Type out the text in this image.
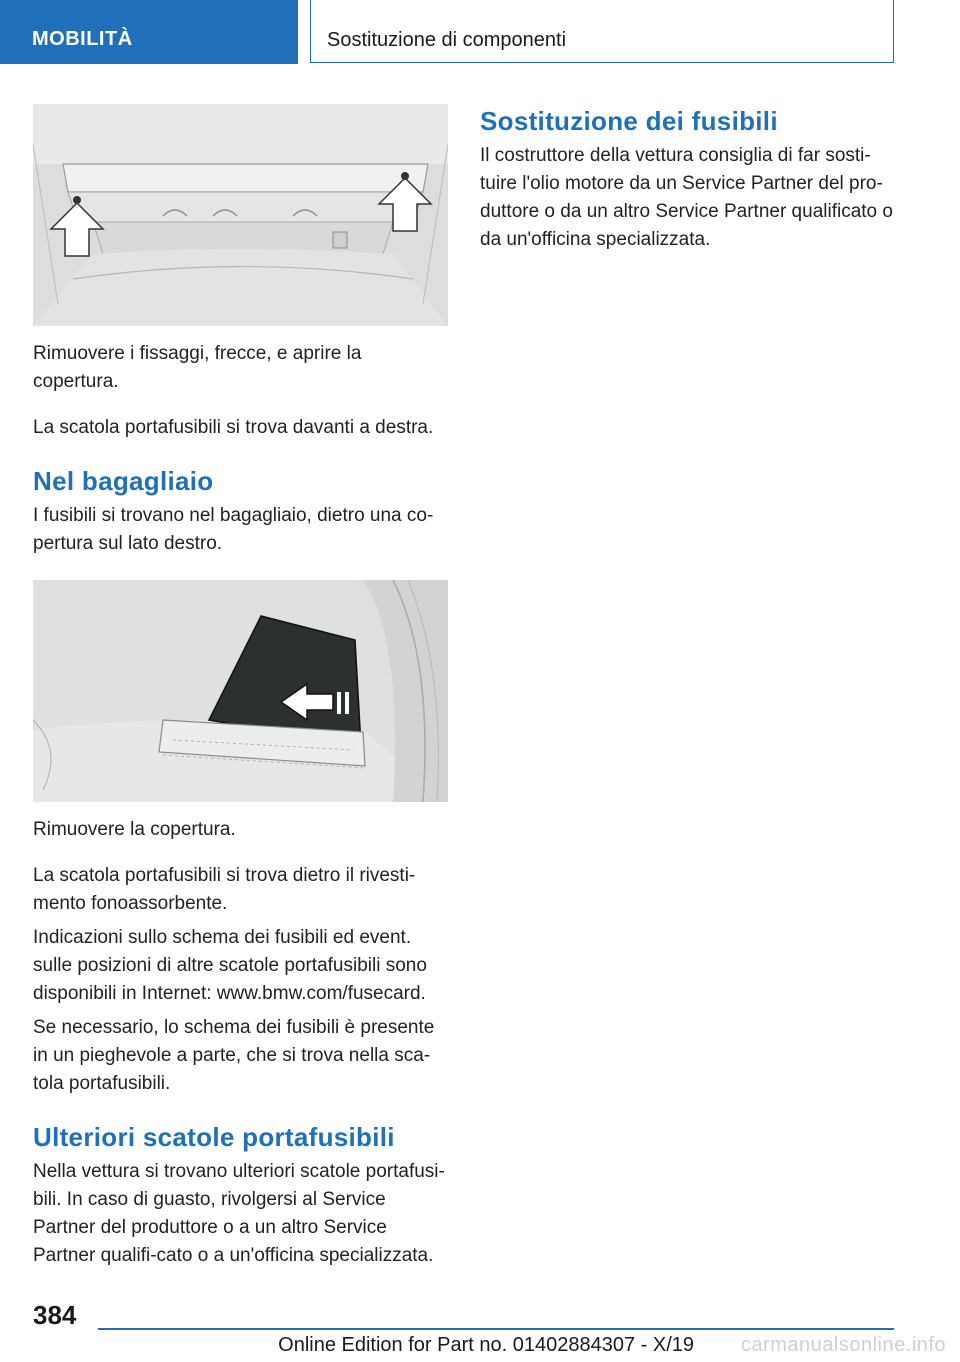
MOBILITÀ	Sostituzione di componenti

Rimuovere i fissaggi, frecce, e aprire la copertura.

La scatola portafusibili si trova davanti a destra.

Nel bagagliaio

I fusibili si trovano nel bagagliaio, dietro una co-pertura sul lato destro.

Rimuovere la copertura.

La scatola portafusibili si trova dietro il rivesti-mento fonoassorbente.

Indicazioni sullo schema dei fusibili ed event. sulle posizioni di altre scatole portafusibili sono disponibili in Internet: www.bmw.com/fusecard.

Se necessario, lo schema dei fusibili è presente in un pieghevole a parte, che si trova nella sca-tola portafusibili.

Ulteriori scatole portafusibili

Nella vettura si trovano ulteriori scatole portafusi-bili. In caso di guasto, rivolgersi al Service Partner del produttore o a un altro Service Partner qualifi-cato o a un'officina specializzata.

Sostituzione dei fusibili

Il costruttore della vettura consiglia di far sosti-tuire l'olio motore da un Service Partner del pro-duttore o da un altro Service Partner qualificato o da un'officina specializzata.

384
Online Edition for Part no. 01402884307 - X/19 carmanualsonline.info
